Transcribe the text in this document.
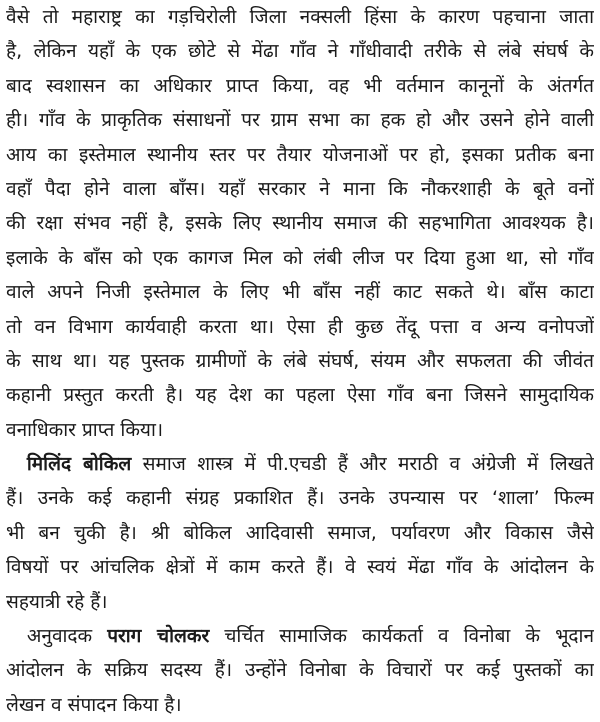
वैसे तो महाराष्ट्र का गड़चिरोली जिला नक्सली हिंसा के कारण पहचाना जाता
है, लेकिन यहाँ के एक छोटे से मेंढा गाँव ने गाँधीवादी तरीके से लंबे संघर्ष के
बाद स्वशासन का अधिकार प्राप्त किया, वह भी वर्तमान कानूनों के अंतर्गत
ही। गाँव के प्राकृतिक संसाधनों पर ग्राम सभा का हक हो और उसने होने वाली
आय का इस्तेमाल स्थानीय स्तर पर तैयार योजनाओं पर हो, इसका प्रतीक बना
वहाँ पैदा होने वाला बाँस। यहाँ सरकार ने माना कि नौकरशाही के बूते वनों
की रक्षा संभव नहीं है, इसके लिए स्थानीय समाज की सहभागिता आवश्यक है।
इलाके के बाँस को एक कागज मिल को लंबी लीज पर दिया हुआ था, सो गाँव
वाले अपने निजी इस्तेमाल के लिए भी बाँस नहीं काट सकते थे। बाँस काटा
तो वन विभाग कार्यवाही करता था। ऐसा ही कुछ तेंदू पत्ता व अन्य वनोपजों
के साथ था। यह पुस्तक ग्रामीणों के लंबे संघर्ष, संयम और सफलता की जीवंत
कहानी प्रस्तुत करती है। यह देश का पहला ऐसा गाँव बना जिसने सामुदायिक
वनाधिकार प्राप्त किया।
मिलिंद बोकिल समाज शास्त्र में पी.एचडी हैं और मराठी व अंग्रेजी में लिखते
हैं। उनके कई कहानी संग्रह प्रकाशित हैं। उनके उपन्यास पर ‘शाला’ फिल्म
भी बन चुकी है। श्री बोकिल आदिवासी समाज, पर्यावरण और विकास जैसे
विषयों पर आंचलिक क्षेत्रों में काम करते हैं। वे स्वयं मेंढा गाँव के आंदोलन के
सहयात्री रहे हैं।
अनुवादक पराग चोलकर चर्चित सामाजिक कार्यकर्ता व विनोबा के भूदान
आंदोलन के सक्रिय सदस्य हैं। उन्होंने विनोबा के विचारों पर कई पुस्तकों का
लेखन व संपादन किया है।
